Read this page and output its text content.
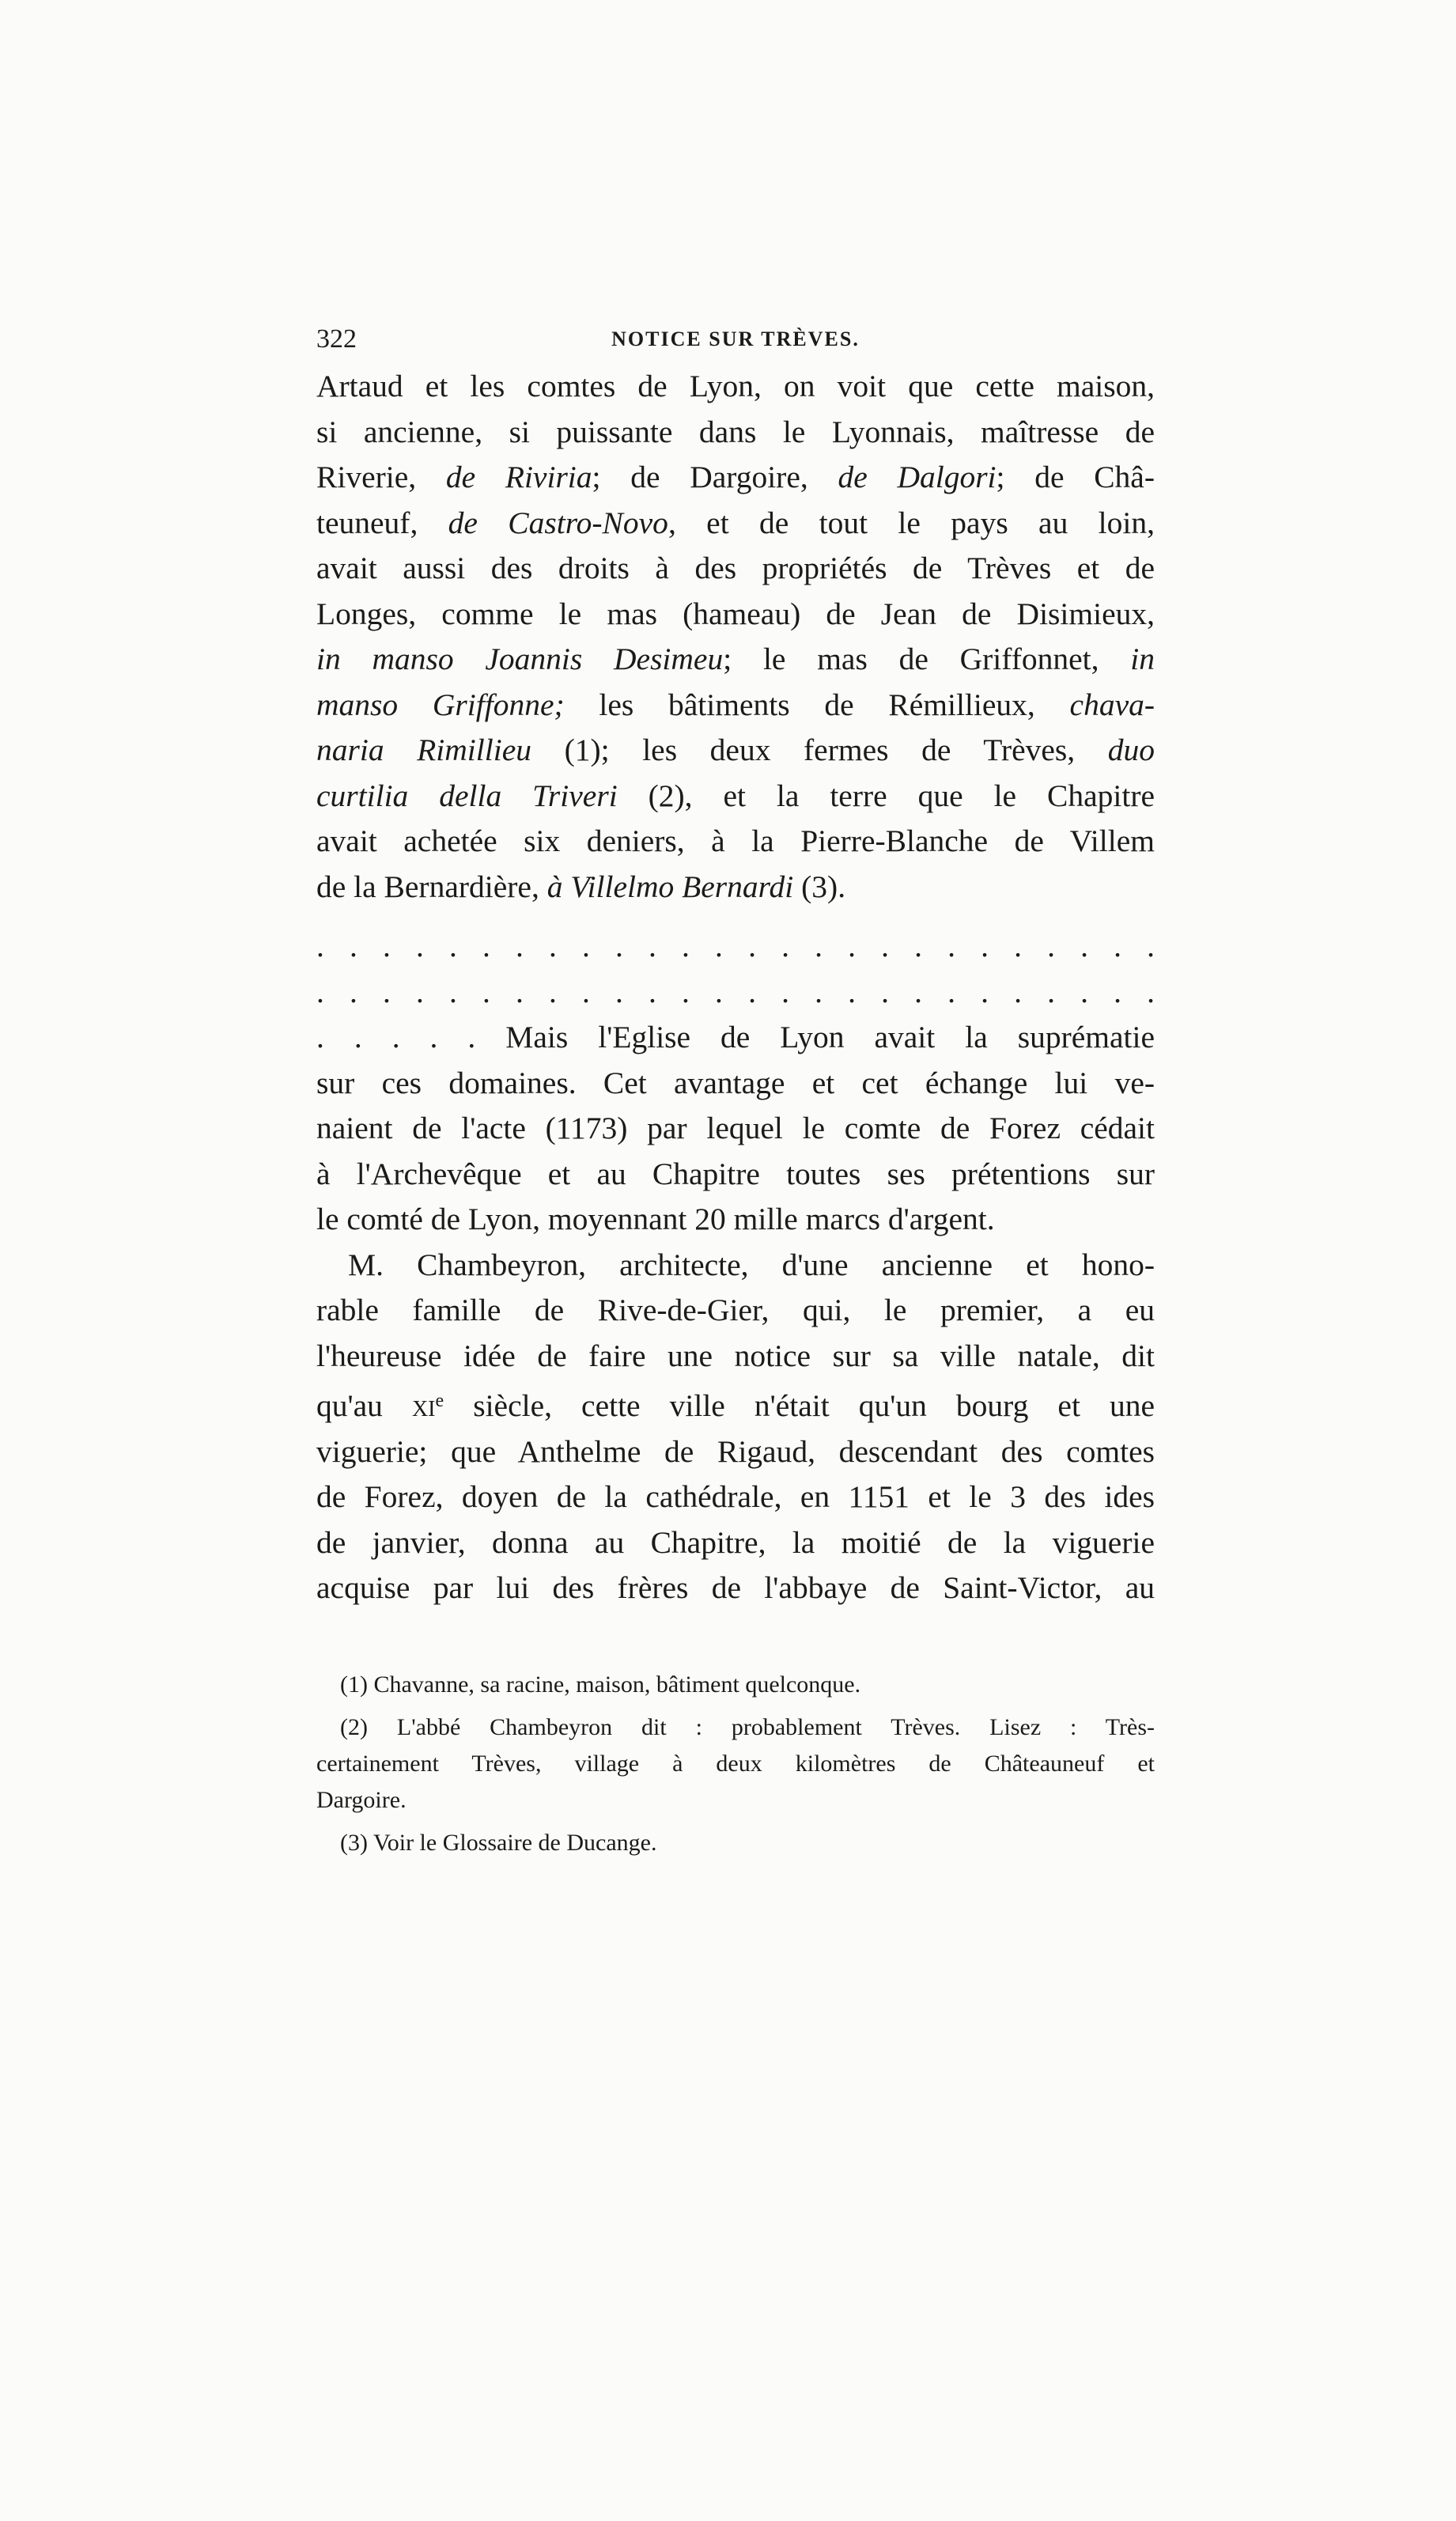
322	NOTICE SUR TRÈVES.
Artaud et les comtes de Lyon, on voit que cette maison,
si ancienne, si puissante dans le Lyonnais, maîtresse de
Riverie, de Riviria; de Dargoire, de Dalgori; de Châ-
teuneuf, de Castro-Novo, et de tout le pays au loin,
avait aussi des droits à des propriétés de Trèves et de
Longes, comme le mas (hameau) de Jean de Disimieux,
in manso Joannis Desimeu; le mas de Griffonnet, in
manso Griffonne; les bâtiments de Rémillieux, chava-
naria Rimillieu (1); les deux fermes de Trèves, duo
curtilia della Triveri (2), et la terre que le Chapitre
avait achetée six deniers, à la Pierre-Blanche de Villem
de la Bernardière, à Villelmo Bernardi (3).
. . . . . . . . . . . . . . . . . . . . . . . . . .
. . . . . . . . . . . . . . . . . . . . . . . . . .
. . . . . Mais l'Eglise de Lyon avait la suprématie
sur ces domaines. Cet avantage et cet échange lui ve-
naient de l'acte (1173) par lequel le comte de Forez cédait
à l'Archevêque et au Chapitre toutes ses prétentions sur
le comté de Lyon, moyennant 20 mille marcs d'argent.
M. Chambeyron, architecte, d'une ancienne et hono-
rable famille de Rive-de-Gier, qui, le premier, a eu
l'heureuse idée de faire une notice sur sa ville natale, dit
qu'au $xi^e$ siècle, cette ville n'était qu'un bourg et une
viguerie; que Anthelme de Rigaud, descendant des comtes
de Forez, doyen de la cathédrale, en 1151 et le 3 des ides
de janvier, donna au Chapitre, la moitié de la viguerie
acquise par lui des frères de l'abbaye de Saint-Victor, au
(1) Chavanne, sa racine, maison, bâtiment quelconque.
(2) L'abbé Chambeyron dit : probablement Trèves. Lisez : Très-
certainement Trèves, village à deux kilomètres de Châteauneuf et
Dargoire.
(3) Voir le Glossaire de Ducange.
